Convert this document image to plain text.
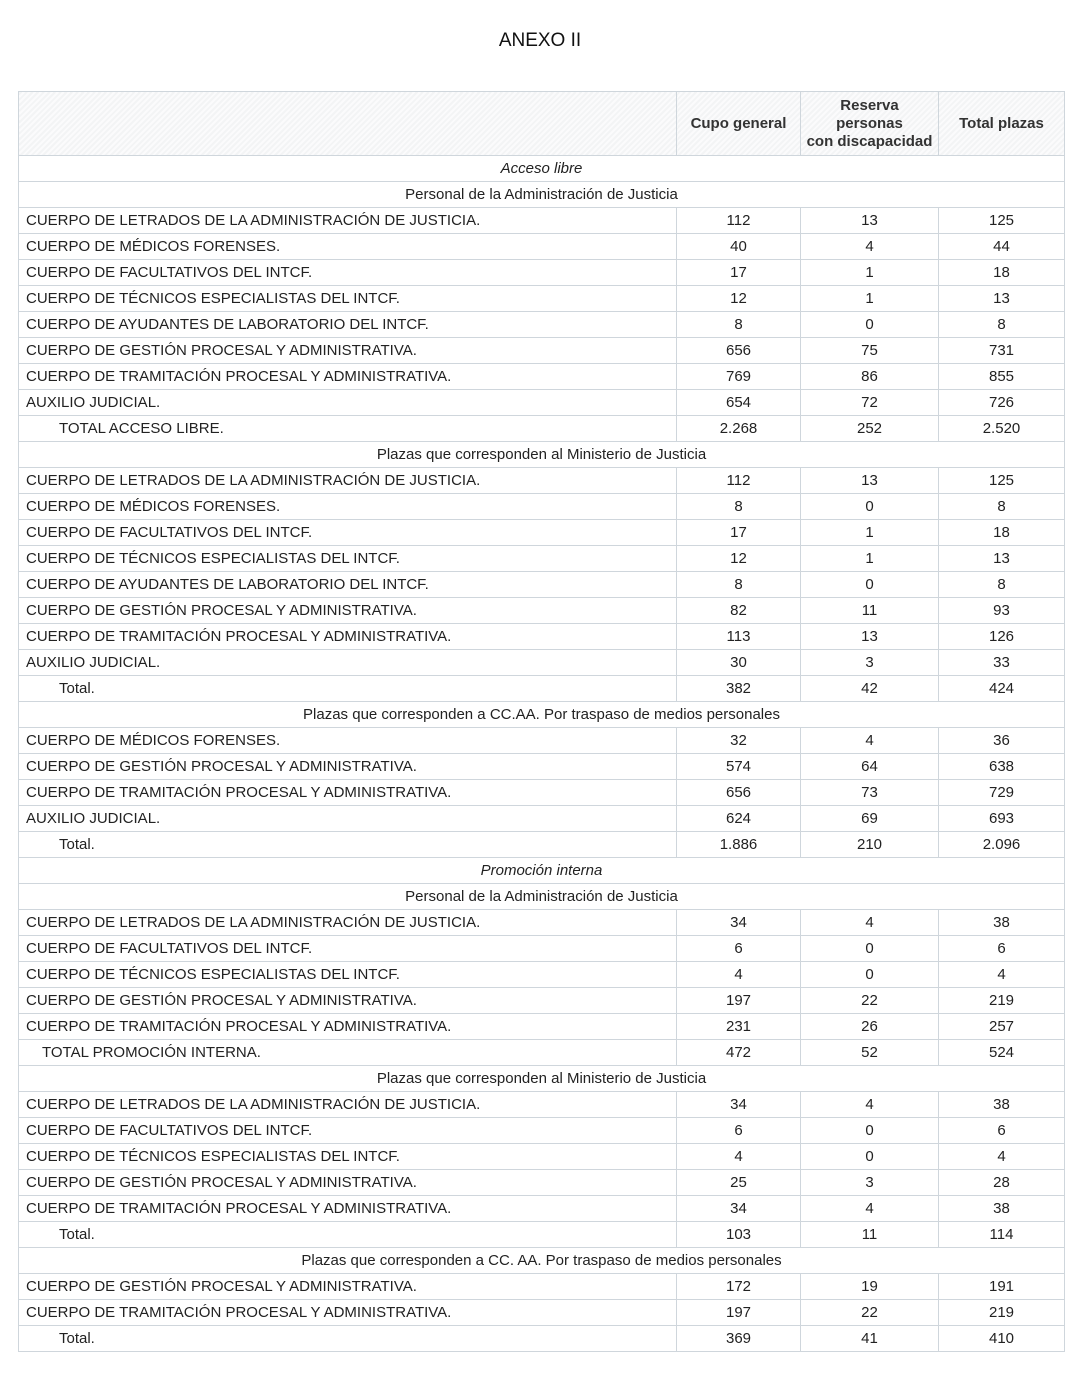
ANEXO II
	Cupo general	Reserva
personas
con discapacidad	Total plazas
Acceso libre			
Personal de la Administración de Justicia			
CUERPO DE LETRADOS DE LA ADMINISTRACIÓN DE JUSTICIA.	112	13	125
CUERPO DE MÉDICOS FORENSES.	40	4	44
CUERPO DE FACULTATIVOS DEL INTCF.	17	1	18
CUERPO DE TÉCNICOS ESPECIALISTAS DEL INTCF.	12	1	13
CUERPO DE AYUDANTES DE LABORATORIO DEL INTCF.	8	0	8
CUERPO DE GESTIÓN PROCESAL Y ADMINISTRATIVA.	656	75	731
CUERPO DE TRAMITACIÓN PROCESAL Y ADMINISTRATIVA.	769	86	855
AUXILIO JUDICIAL.	654	72	726
TOTAL ACCESO LIBRE.	2.268	252	2.520
Plazas que corresponden al Ministerio de Justicia			
CUERPO DE LETRADOS DE LA ADMINISTRACIÓN DE JUSTICIA.	112	13	125
CUERPO DE MÉDICOS FORENSES.	8	0	8
CUERPO DE FACULTATIVOS DEL INTCF.	17	1	18
CUERPO DE TÉCNICOS ESPECIALISTAS DEL INTCF.	12	1	13
CUERPO DE AYUDANTES DE LABORATORIO DEL INTCF.	8	0	8
CUERPO DE GESTIÓN PROCESAL Y ADMINISTRATIVA.	82	11	93
CUERPO DE TRAMITACIÓN PROCESAL Y ADMINISTRATIVA.	113	13	126
AUXILIO JUDICIAL.	30	3	33
Total.	382	42	424
Plazas que corresponden a CC.AA. Por traspaso de medios personales			
CUERPO DE MÉDICOS FORENSES.	32	4	36
CUERPO DE GESTIÓN PROCESAL Y ADMINISTRATIVA.	574	64	638
CUERPO DE TRAMITACIÓN PROCESAL Y ADMINISTRATIVA.	656	73	729
AUXILIO JUDICIAL.	624	69	693
Total.	1.886	210	2.096
Promoción interna			
Personal de la Administración de Justicia			
CUERPO DE LETRADOS DE LA ADMINISTRACIÓN DE JUSTICIA.	34	4	38
CUERPO DE FACULTATIVOS DEL INTCF.	6	0	6
CUERPO DE TÉCNICOS ESPECIALISTAS DEL INTCF.	4	0	4
CUERPO DE GESTIÓN PROCESAL Y ADMINISTRATIVA.	197	22	219
CUERPO DE TRAMITACIÓN PROCESAL Y ADMINISTRATIVA.	231	26	257
TOTAL PROMOCIÓN INTERNA.	472	52	524
Plazas que corresponden al Ministerio de Justicia			
CUERPO DE LETRADOS DE LA ADMINISTRACIÓN DE JUSTICIA.	34	4	38
CUERPO DE FACULTATIVOS DEL INTCF.	6	0	6
CUERPO DE TÉCNICOS ESPECIALISTAS DEL INTCF.	4	0	4
CUERPO DE GESTIÓN PROCESAL Y ADMINISTRATIVA.	25	3	28
CUERPO DE TRAMITACIÓN PROCESAL Y ADMINISTRATIVA.	34	4	38
Total.	103	11	114
Plazas que corresponden a CC. AA. Por traspaso de medios personales			
CUERPO DE GESTIÓN PROCESAL Y ADMINISTRATIVA.	172	19	191
CUERPO DE TRAMITACIÓN PROCESAL Y ADMINISTRATIVA.	197	22	219
Total.	369	41	410
